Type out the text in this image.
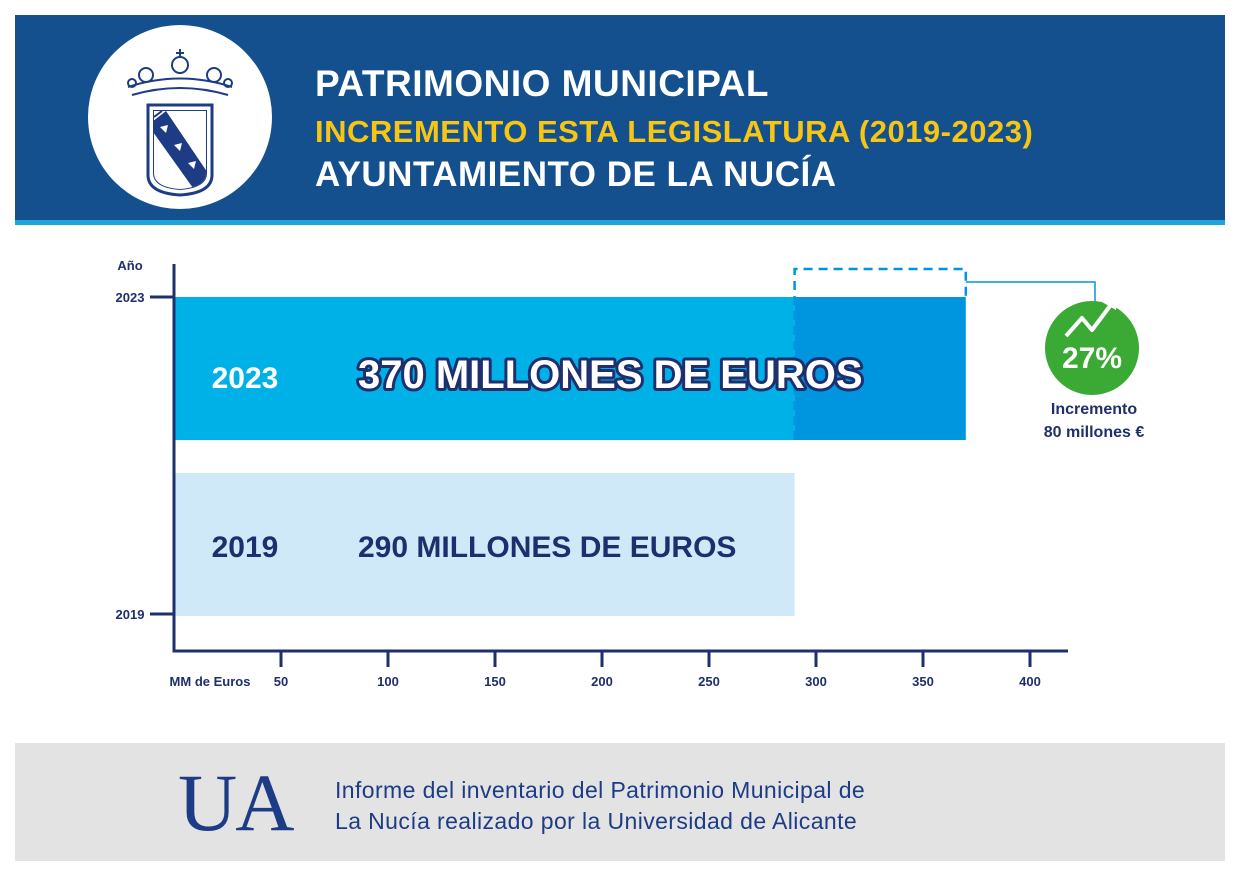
PATRIMONIO MUNICIPAL
INCREMENTO ESTA LEGISLATURA (2019-2023)
AYUNTAMIENTO DE LA NUCÍA
Año
2023
2019
2023 370 MILLONES DE EUROS
2019	290 MILLONES DE EUROS
MM de Euros 50	100	150	200	250	300	350	400
27%
Incremento
80 millones €
UA Informe del inventario del Patrimonio Municipal de
La Nucía realizado por la Universidad de Alicante
